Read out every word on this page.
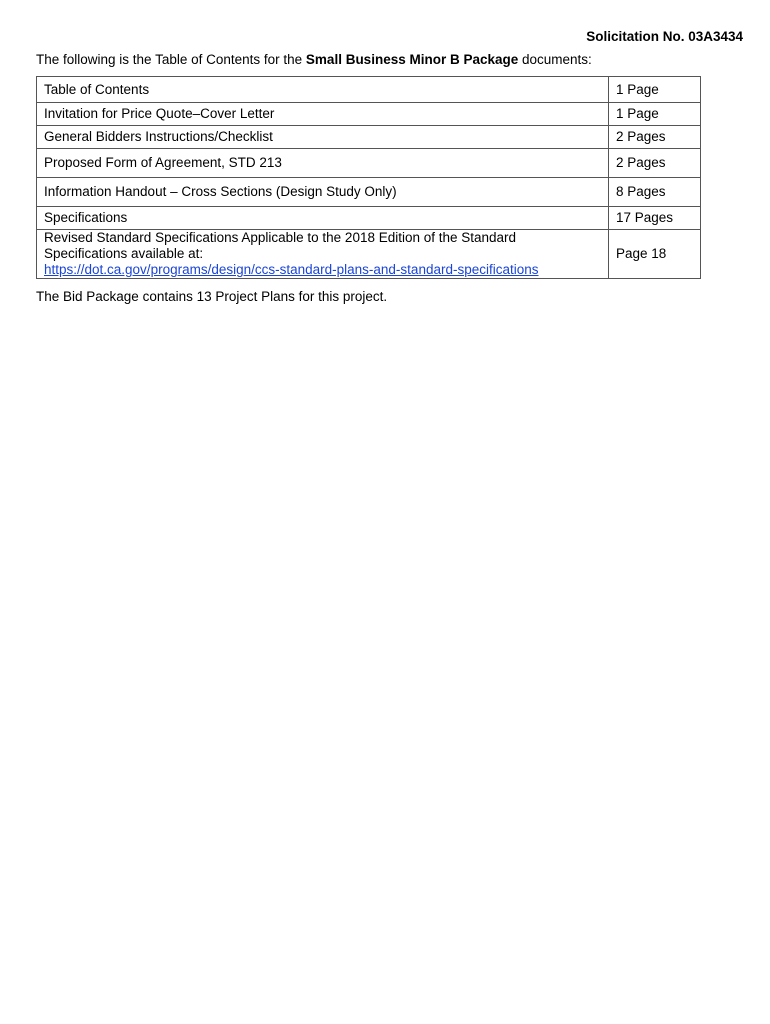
Solicitation No. 03A3434
The following is the Table of Contents for the Small Business Minor B Package documents:
Table of Contents	1 Page
Invitation for Price Quote–Cover Letter	1 Page
General Bidders Instructions/Checklist	2 Pages
Proposed Form of Agreement, STD 213	2 Pages
Information Handout – Cross Sections (Design Study Only)	8 Pages
Specifications	17 Pages

Revised Standard Specifications Applicable to the 2018 Edition of the Standard
Specifications available at:
https://dot.ca.gov/programs/design/ccs-standard-plans-and-standard-specifications	Page 18
The Bid Package contains 13 Project Plans for this project.
